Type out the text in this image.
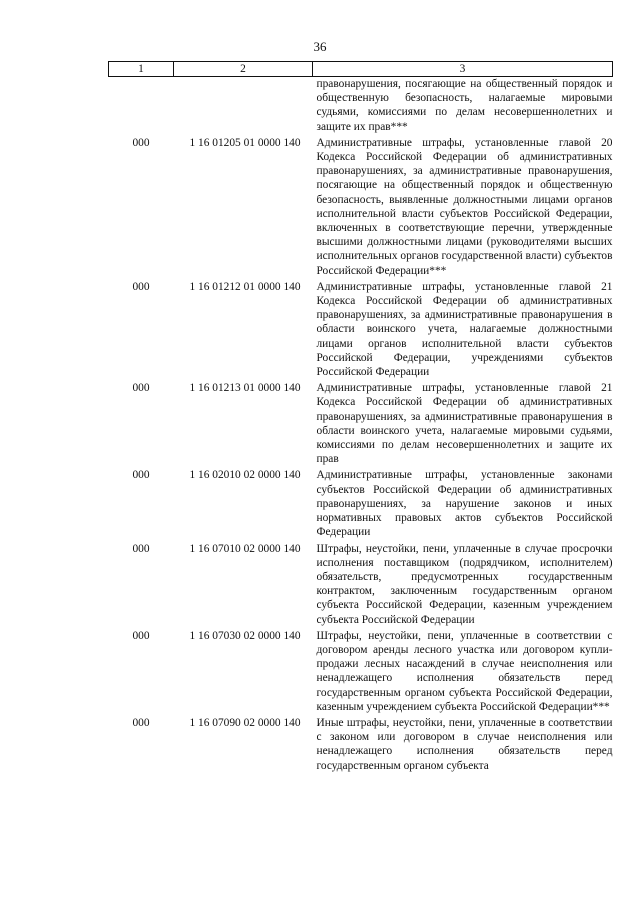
36
1	2	3
		правонарушения, посягающие на общественный порядок и общественную безопасность, налагаемые мировыми судьями, комиссиями по делам несовершеннолетних и защите их прав***
000	1 16 01205 01 0000 140	Административные штрафы, установленные главой 20 Кодекса Российской Федерации об административных правонарушениях, за административные правонарушения, посягающие на общественный порядок и общественную безопасность, выявленные должностными лицами органов исполнительной власти субъектов Российской Федерации, включенных в соответствующие перечни, утвержденные высшими должностными лицами (руководителями высших исполнительных органов государственной власти) субъектов Российской Федерации***
000	1 16 01212 01 0000 140	Административные штрафы, установленные главой 21 Кодекса Российской Федерации об административных правонарушениях, за административные правонарушения в области воинского учета, налагаемые должностными лицами органов исполнительной власти субъектов Российской Федерации, учреждениями субъектов Российской Федерации
000	1 16 01213 01 0000 140	Административные штрафы, установленные главой 21 Кодекса Российской Федерации об административных правонарушениях, за административные правонарушения в области воинского учета, налагаемые мировыми судьями, комиссиями по делам несовершеннолетних и защите их прав
000	1 16 02010 02 0000 140	Административные штрафы, установленные законами субъектов Российской Федерации об административных правонарушениях, за нарушение законов и иных нормативных правовых актов субъектов Российской Федерации
000	1 16 07010 02 0000 140	Штрафы, неустойки, пени, уплаченные в случае просрочки исполнения поставщиком (подрядчиком, исполнителем) обязательств, предусмотренных государственным контрактом, заключенным государственным органом субъекта Российской Федерации, казенным учреждением субъекта Российской Федерации
000	1 16 07030 02 0000 140	Штрафы, неустойки, пени, уплаченные в соответствии с договором аренды лесного участка или договором купли-продажи лесных насаждений в случае неисполнения или ненадлежащего исполнения обязательств перед государственным органом субъекта Российской Федерации, казенным учреждением субъекта Российской Федерации***
000	1 16 07090 02 0000 140	Иные штрафы, неустойки, пени, уплаченные в соответствии с законом или договором в случае неисполнения или ненадлежащего исполнения обязательств перед государственным органом субъекта
